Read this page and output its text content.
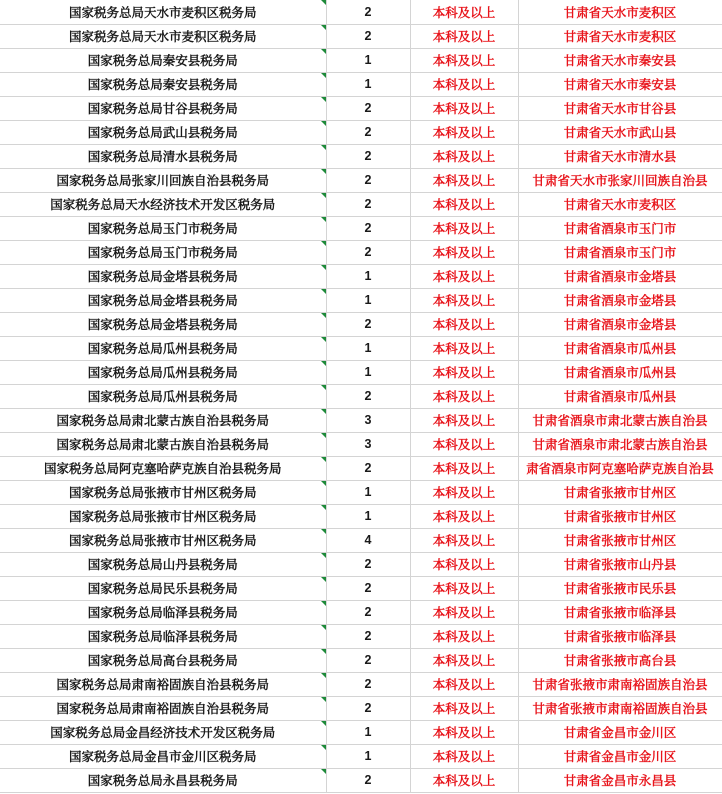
国家税务总局天水市麦积区税务局	2	本科及以上	甘肃省天水市麦积区
国家税务总局天水市麦积区税务局	2	本科及以上	甘肃省天水市麦积区
国家税务总局秦安县税务局	1	本科及以上	甘肃省天水市秦安县
国家税务总局秦安县税务局	1	本科及以上	甘肃省天水市秦安县
国家税务总局甘谷县税务局	2	本科及以上	甘肃省天水市甘谷县
国家税务总局武山县税务局	2	本科及以上	甘肃省天水市武山县
国家税务总局清水县税务局	2	本科及以上	甘肃省天水市清水县
国家税务总局张家川回族自治县税务局	2	本科及以上	甘肃省天水市张家川回族自治县
国家税务总局天水经济技术开发区税务局	2	本科及以上	甘肃省天水市麦积区
国家税务总局玉门市税务局	2	本科及以上	甘肃省酒泉市玉门市
国家税务总局玉门市税务局	2	本科及以上	甘肃省酒泉市玉门市
国家税务总局金塔县税务局	1	本科及以上	甘肃省酒泉市金塔县
国家税务总局金塔县税务局	1	本科及以上	甘肃省酒泉市金塔县
国家税务总局金塔县税务局	2	本科及以上	甘肃省酒泉市金塔县
国家税务总局瓜州县税务局	1	本科及以上	甘肃省酒泉市瓜州县
国家税务总局瓜州县税务局	1	本科及以上	甘肃省酒泉市瓜州县
国家税务总局瓜州县税务局	2	本科及以上	甘肃省酒泉市瓜州县
国家税务总局肃北蒙古族自治县税务局	3	本科及以上	甘肃省酒泉市肃北蒙古族自治县
国家税务总局肃北蒙古族自治县税务局	3	本科及以上	甘肃省酒泉市肃北蒙古族自治县
国家税务总局阿克塞哈萨克族自治县税务局	2	本科及以上	肃省酒泉市阿克塞哈萨克族自治县
国家税务总局张掖市甘州区税务局	1	本科及以上	甘肃省张掖市甘州区
国家税务总局张掖市甘州区税务局	1	本科及以上	甘肃省张掖市甘州区
国家税务总局张掖市甘州区税务局	4	本科及以上	甘肃省张掖市甘州区
国家税务总局山丹县税务局	2	本科及以上	甘肃省张掖市山丹县
国家税务总局民乐县税务局	2	本科及以上	甘肃省张掖市民乐县
国家税务总局临泽县税务局	2	本科及以上	甘肃省张掖市临泽县
国家税务总局临泽县税务局	2	本科及以上	甘肃省张掖市临泽县
国家税务总局高台县税务局	2	本科及以上	甘肃省张掖市高台县
国家税务总局肃南裕固族自治县税务局	2	本科及以上	甘肃省张掖市肃南裕固族自治县
国家税务总局肃南裕固族自治县税务局	2	本科及以上	甘肃省张掖市肃南裕固族自治县
国家税务总局金昌经济技术开发区税务局	1	本科及以上	甘肃省金昌市金川区
国家税务总局金昌市金川区税务局	1	本科及以上	甘肃省金昌市金川区
国家税务总局永昌县税务局	2	本科及以上	甘肃省金昌市永昌县
